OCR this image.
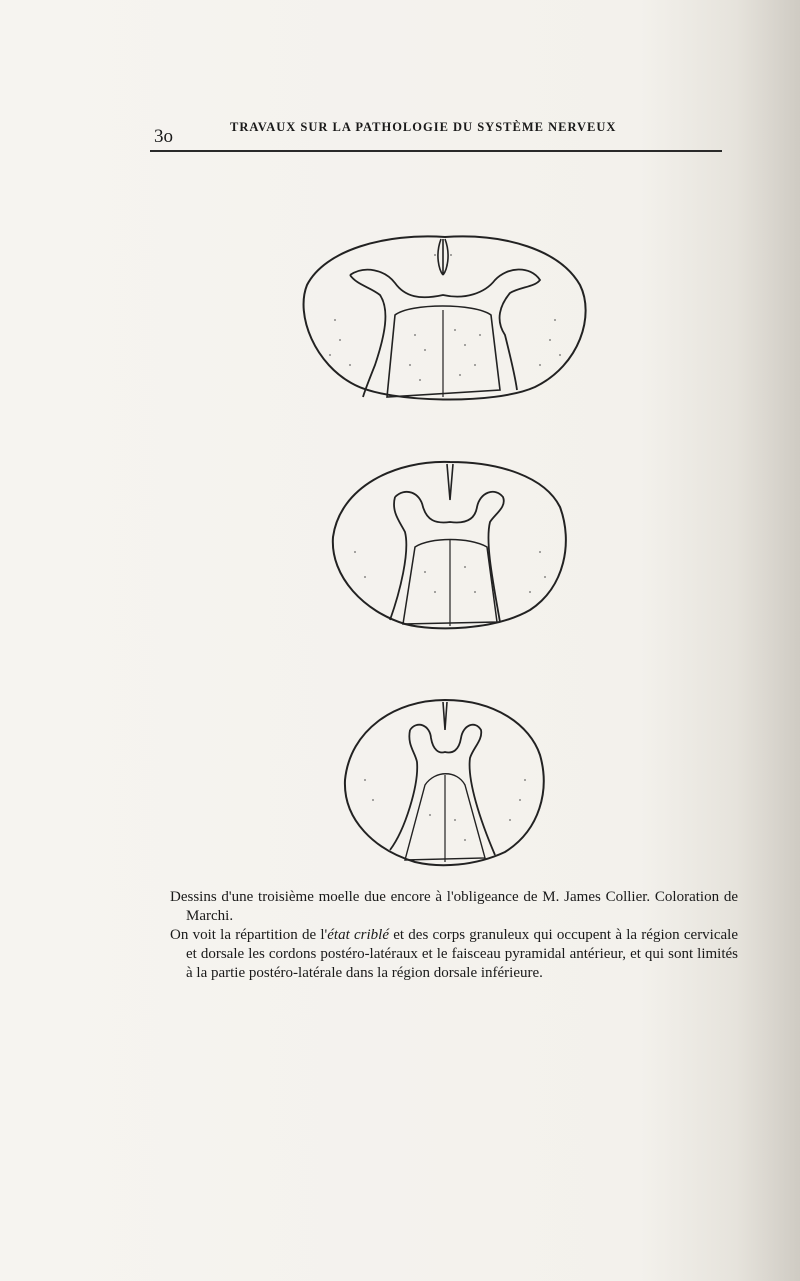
3o	TRAVAUX SUR LA PATHOLOGIE DU SYSTÈME NERVEUX

Dessins d'une troisième moelle due encore à l'obligeance de M. James Collier. Coloration de Marchi.

On voit la répartition de l'état criblé et des corps granuleux qui occupent à la région cervicale et dorsale les cordons postéro-latéraux et le faisceau pyramidal antérieur, et qui sont limités à la partie postéro-latérale dans la région dorsale inférieure.
